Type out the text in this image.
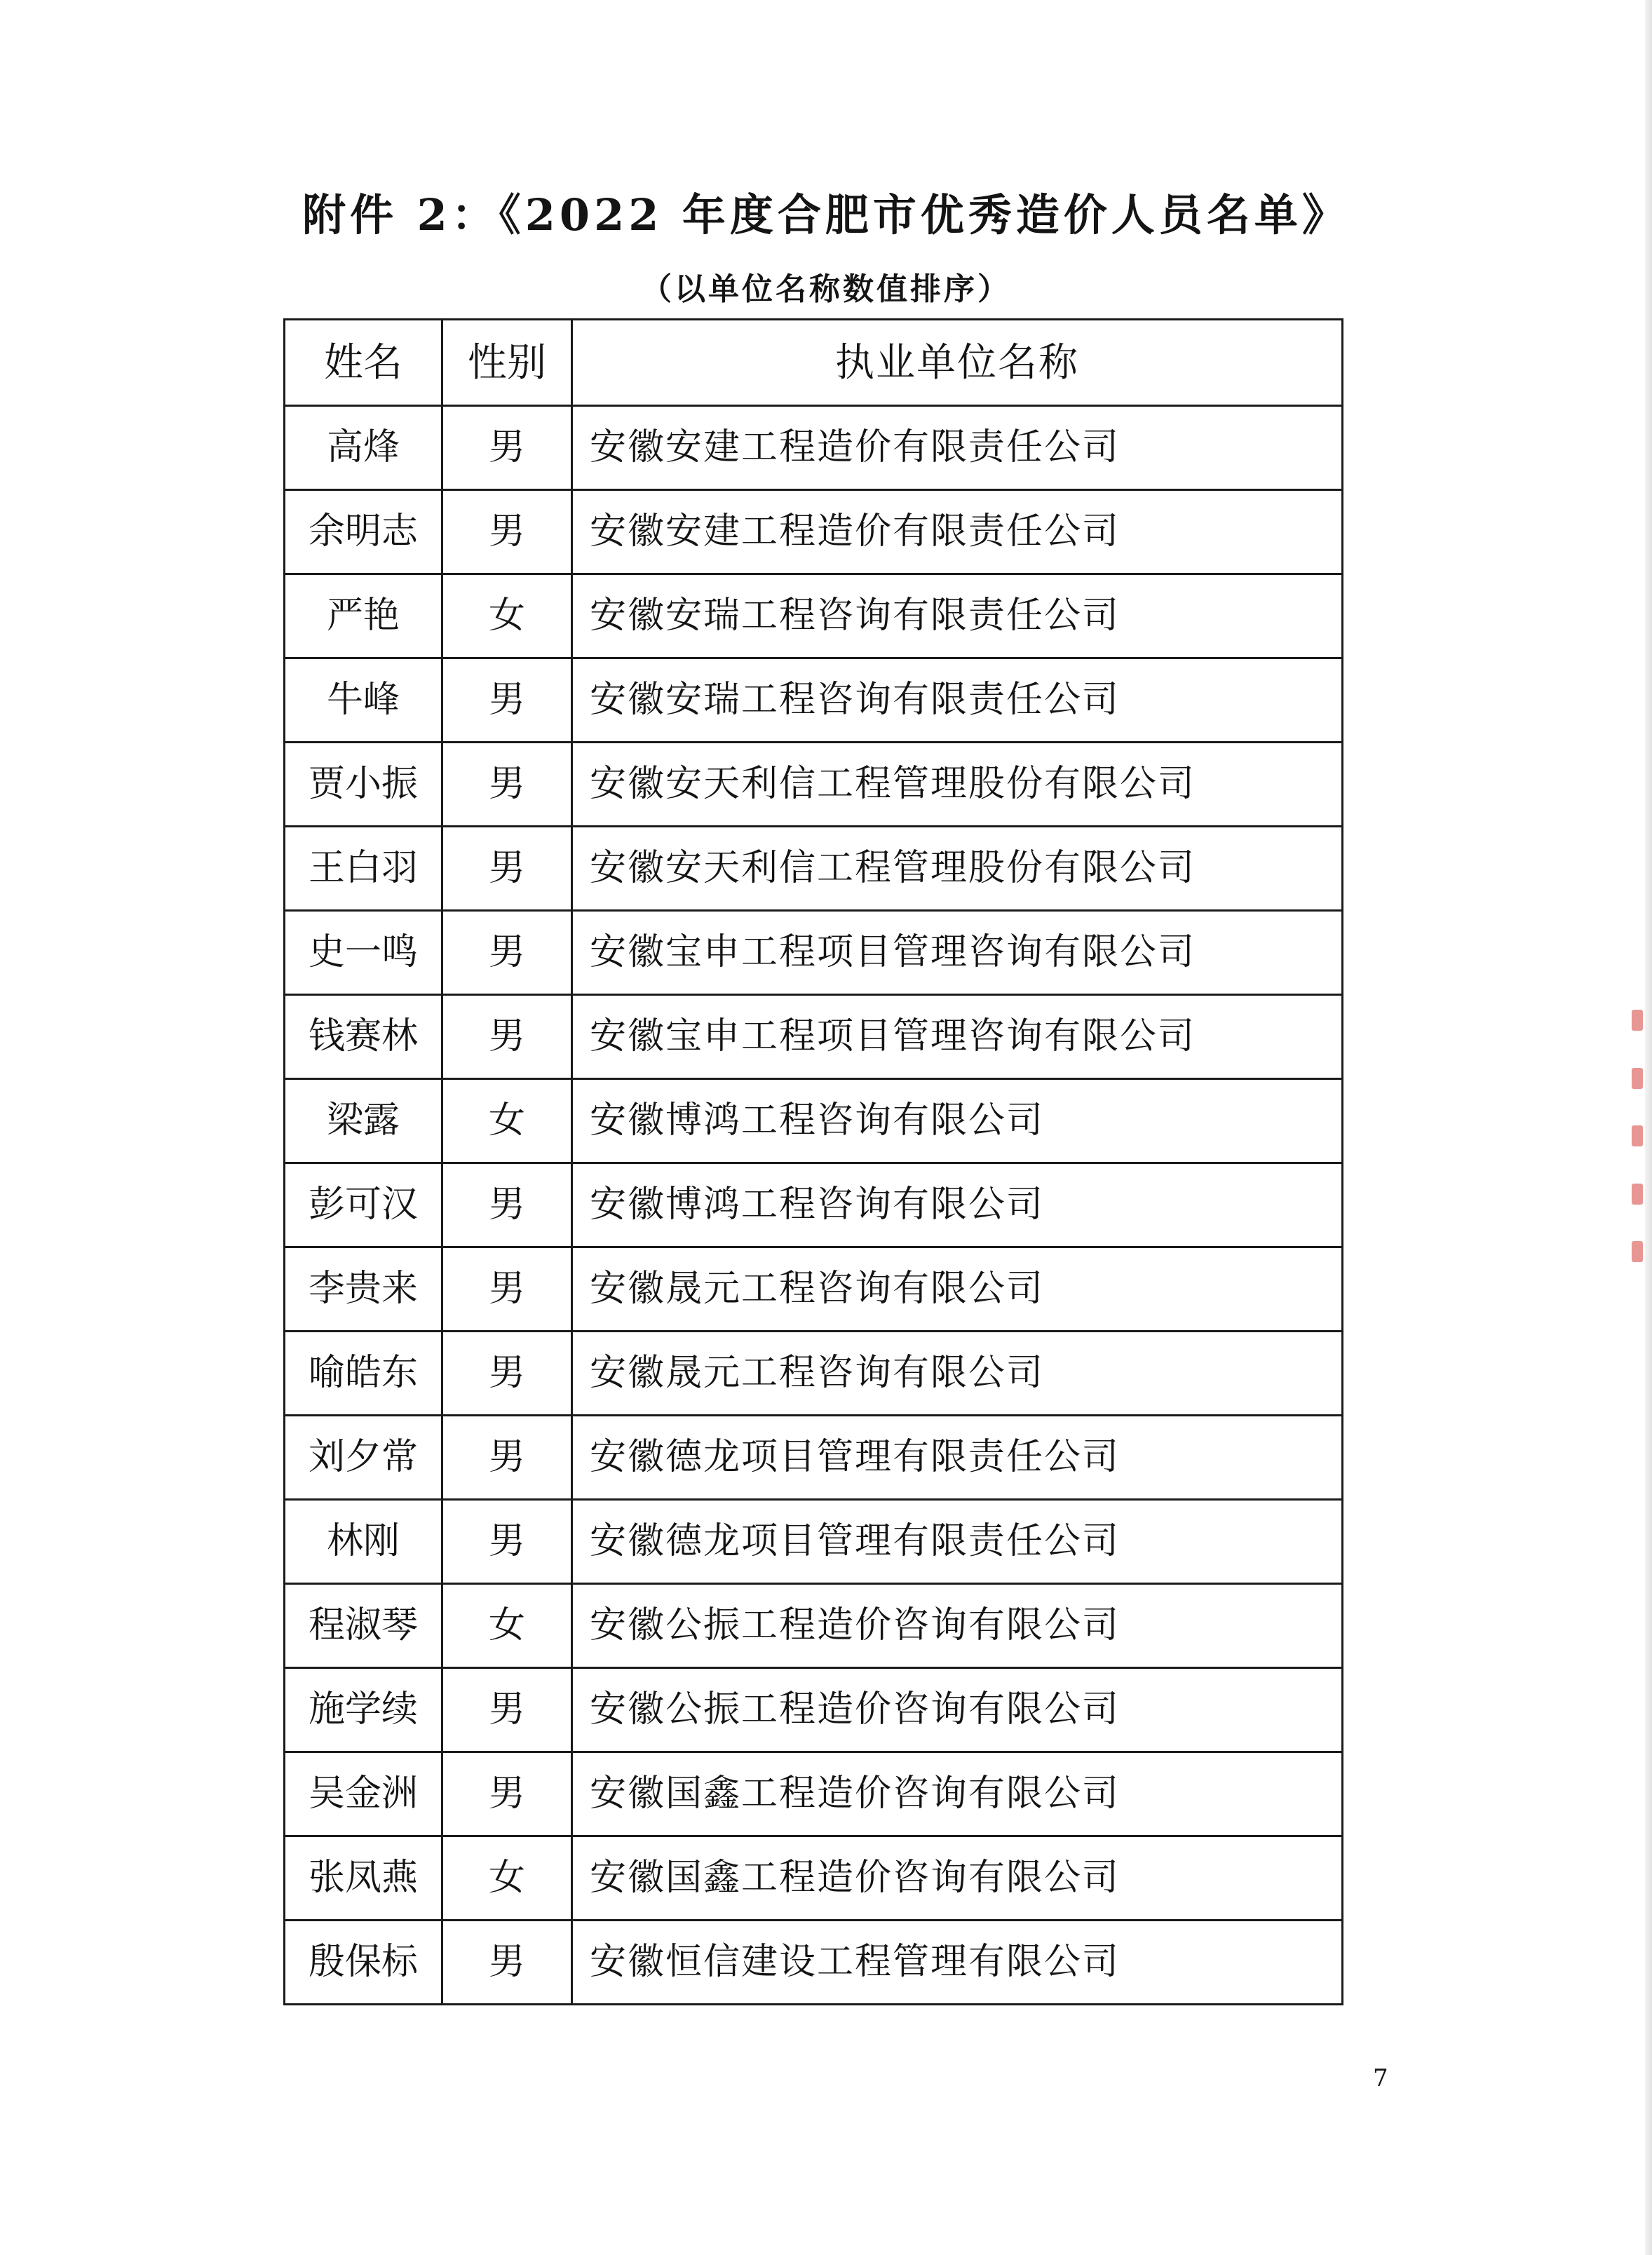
附件 2：《2022 年度合肥市优秀造价人员名单》

（以单位名称数值排序）

姓名	性别	执业单位名称
高烽	男	安徽安建工程造价有限责任公司
余明志	男	安徽安建工程造价有限责任公司
严艳	女	安徽安瑞工程咨询有限责任公司
牛峰	男	安徽安瑞工程咨询有限责任公司
贾小振	男	安徽安天利信工程管理股份有限公司
王白羽	男	安徽安天利信工程管理股份有限公司
史一鸣	男	安徽宝申工程项目管理咨询有限公司
钱赛林	男	安徽宝申工程项目管理咨询有限公司
梁露	女	安徽博鸿工程咨询有限公司
彭可汉	男	安徽博鸿工程咨询有限公司
李贵来	男	安徽晟元工程咨询有限公司
喻皓东	男	安徽晟元工程咨询有限公司
刘夕常	男	安徽德龙项目管理有限责任公司
林刚	男	安徽德龙项目管理有限责任公司
程淑琴	女	安徽公振工程造价咨询有限公司
施学续	男	安徽公振工程造价咨询有限公司
吴金洲	男	安徽国鑫工程造价咨询有限公司
张凤燕	女	安徽国鑫工程造价咨询有限公司
殷保标	男	安徽恒信建设工程管理有限公司
7
